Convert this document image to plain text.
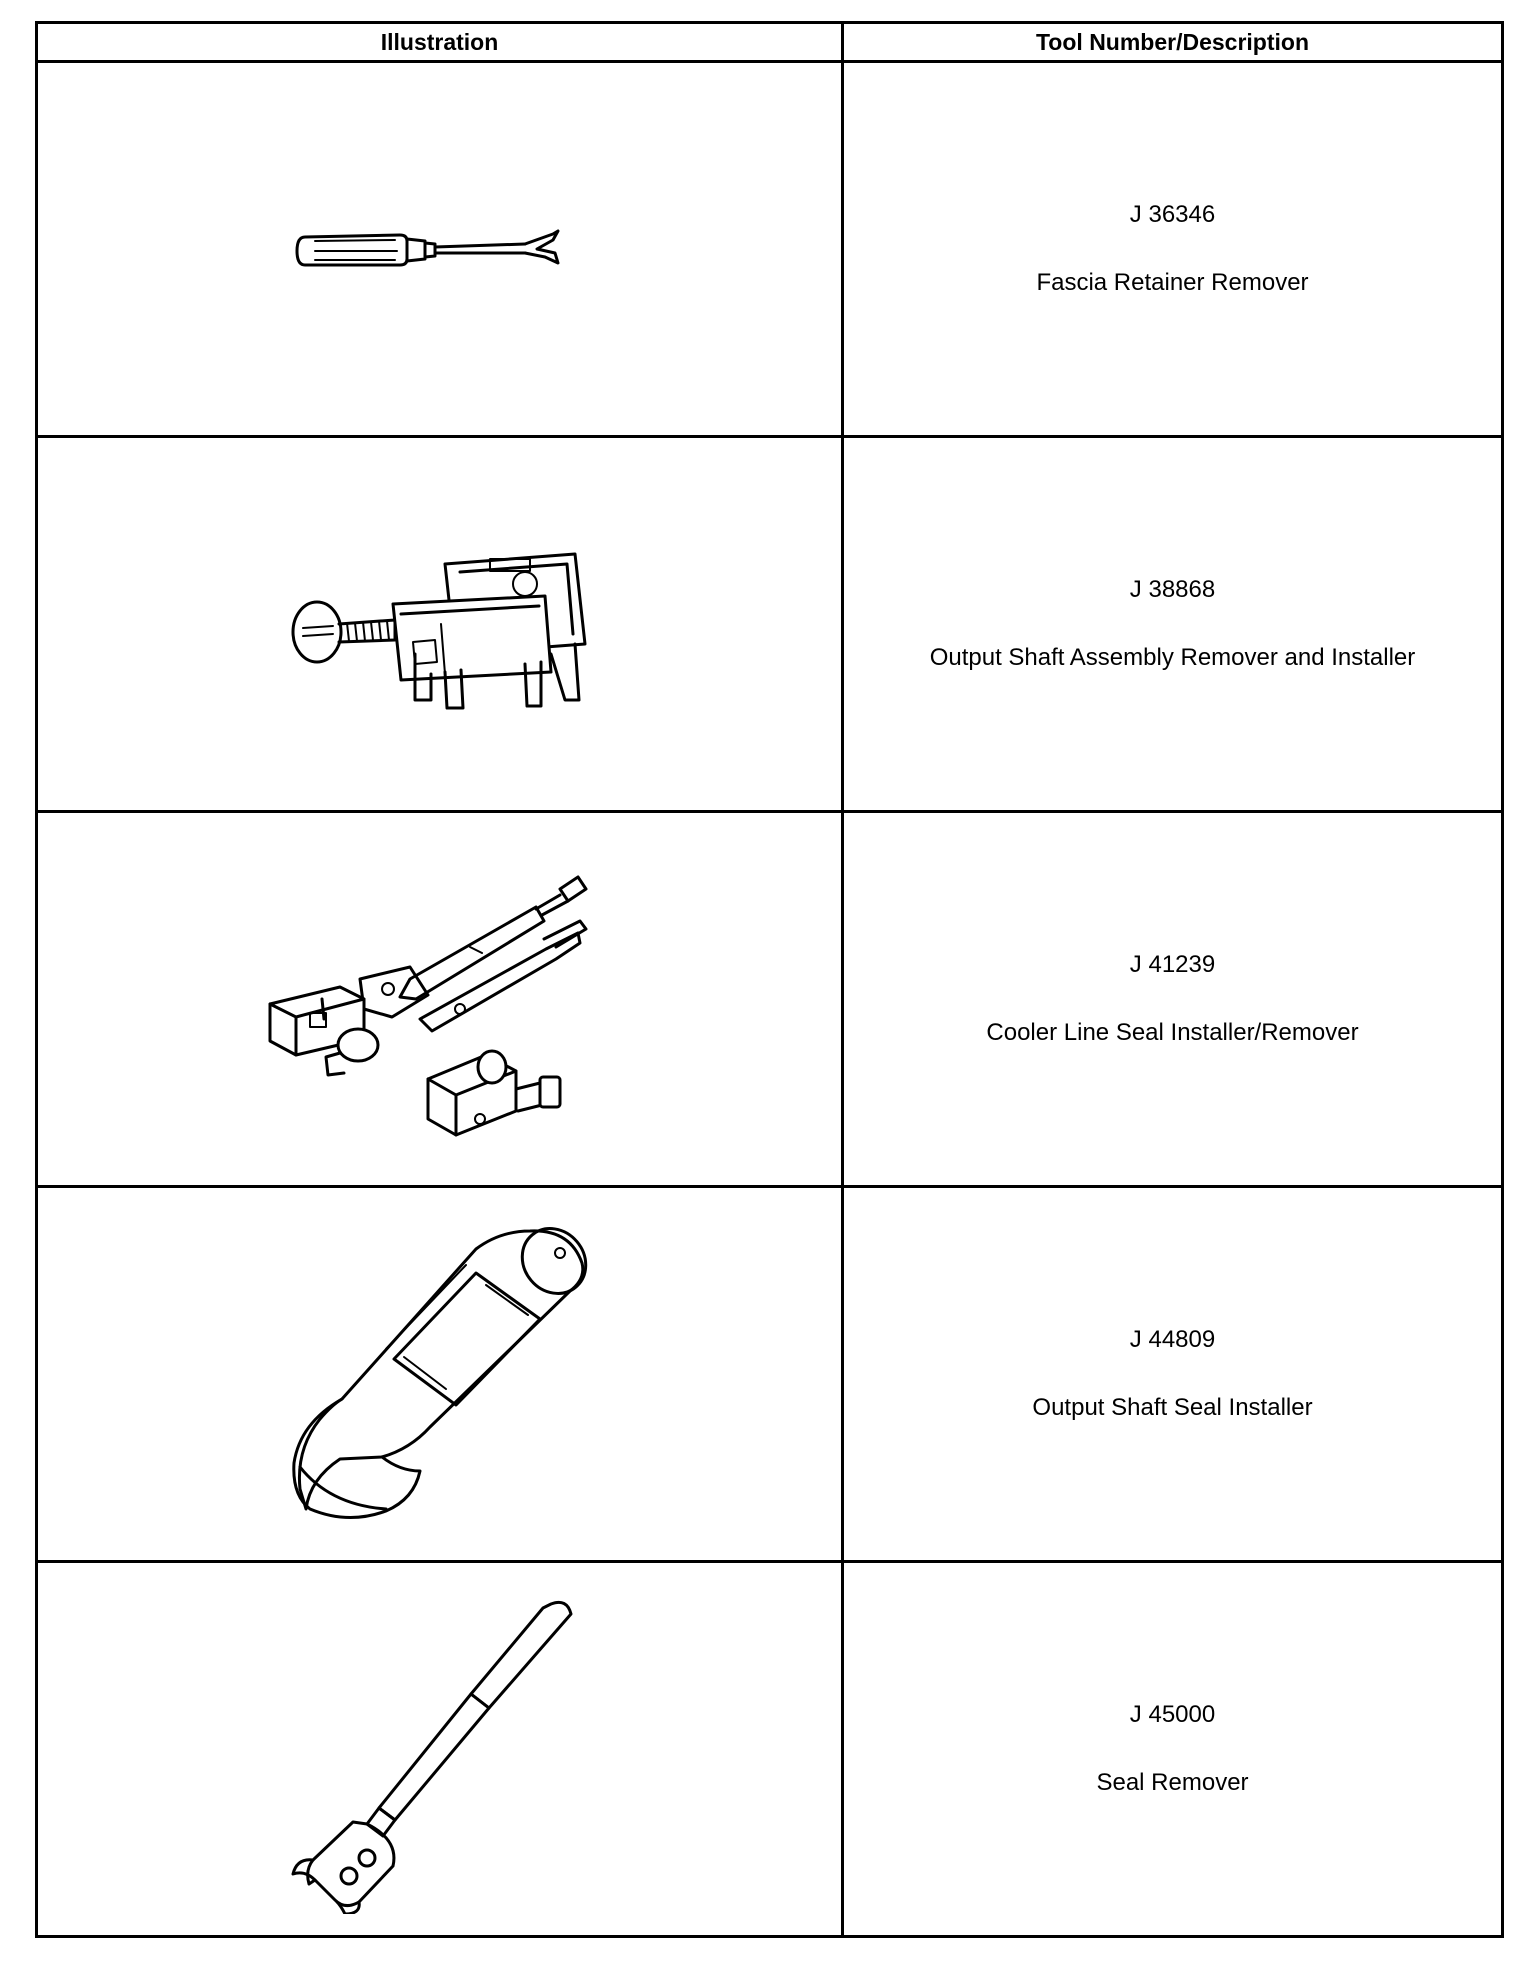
Illustration	Tool Number/Description

J 36346
Fascia Retainer Remover

J 38868
Output Shaft Assembly Remover and Installer

J 41239
Cooler Line Seal Installer/Remover

J 44809
Output Shaft Seal Installer

J 45000
Seal Remover
